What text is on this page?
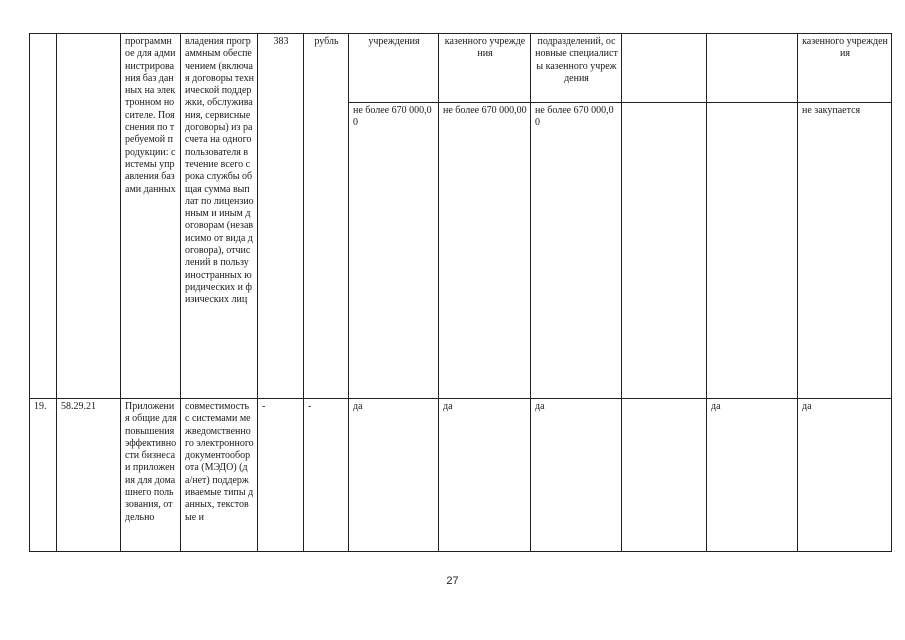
		программное для администрирования баз данных на электронном носителе. Пояснения по требуемой продукции: системы управления базами данных	владения программным обеспечением (включая договоры технической поддержки, обслуживания, сервисные договоры) из расчета на одного пользователя в течение всего срока службы общая сумма выплат по лицензионным и иным договорам (независимо от вида договора), отчислений в пользу иностранных юридических и физических лиц	383	рубль	учреждения	казенного учреждения	подразделений, основные специалисты казенного учреждения			казенного учреждения
						не более 670 000,00	не более 670 000,00	не более 670 000,00			не закупается
19.	58.29.21	Приложения общие для повышения эффективности бизнеса и приложения для домашнего пользования, отдельно	совместимость с системами межведомственного электронного документооборота (МЭДО) (да/нет) поддерживаемые типы данных, текстовые и	-	-	да	да	да		да	да
27
